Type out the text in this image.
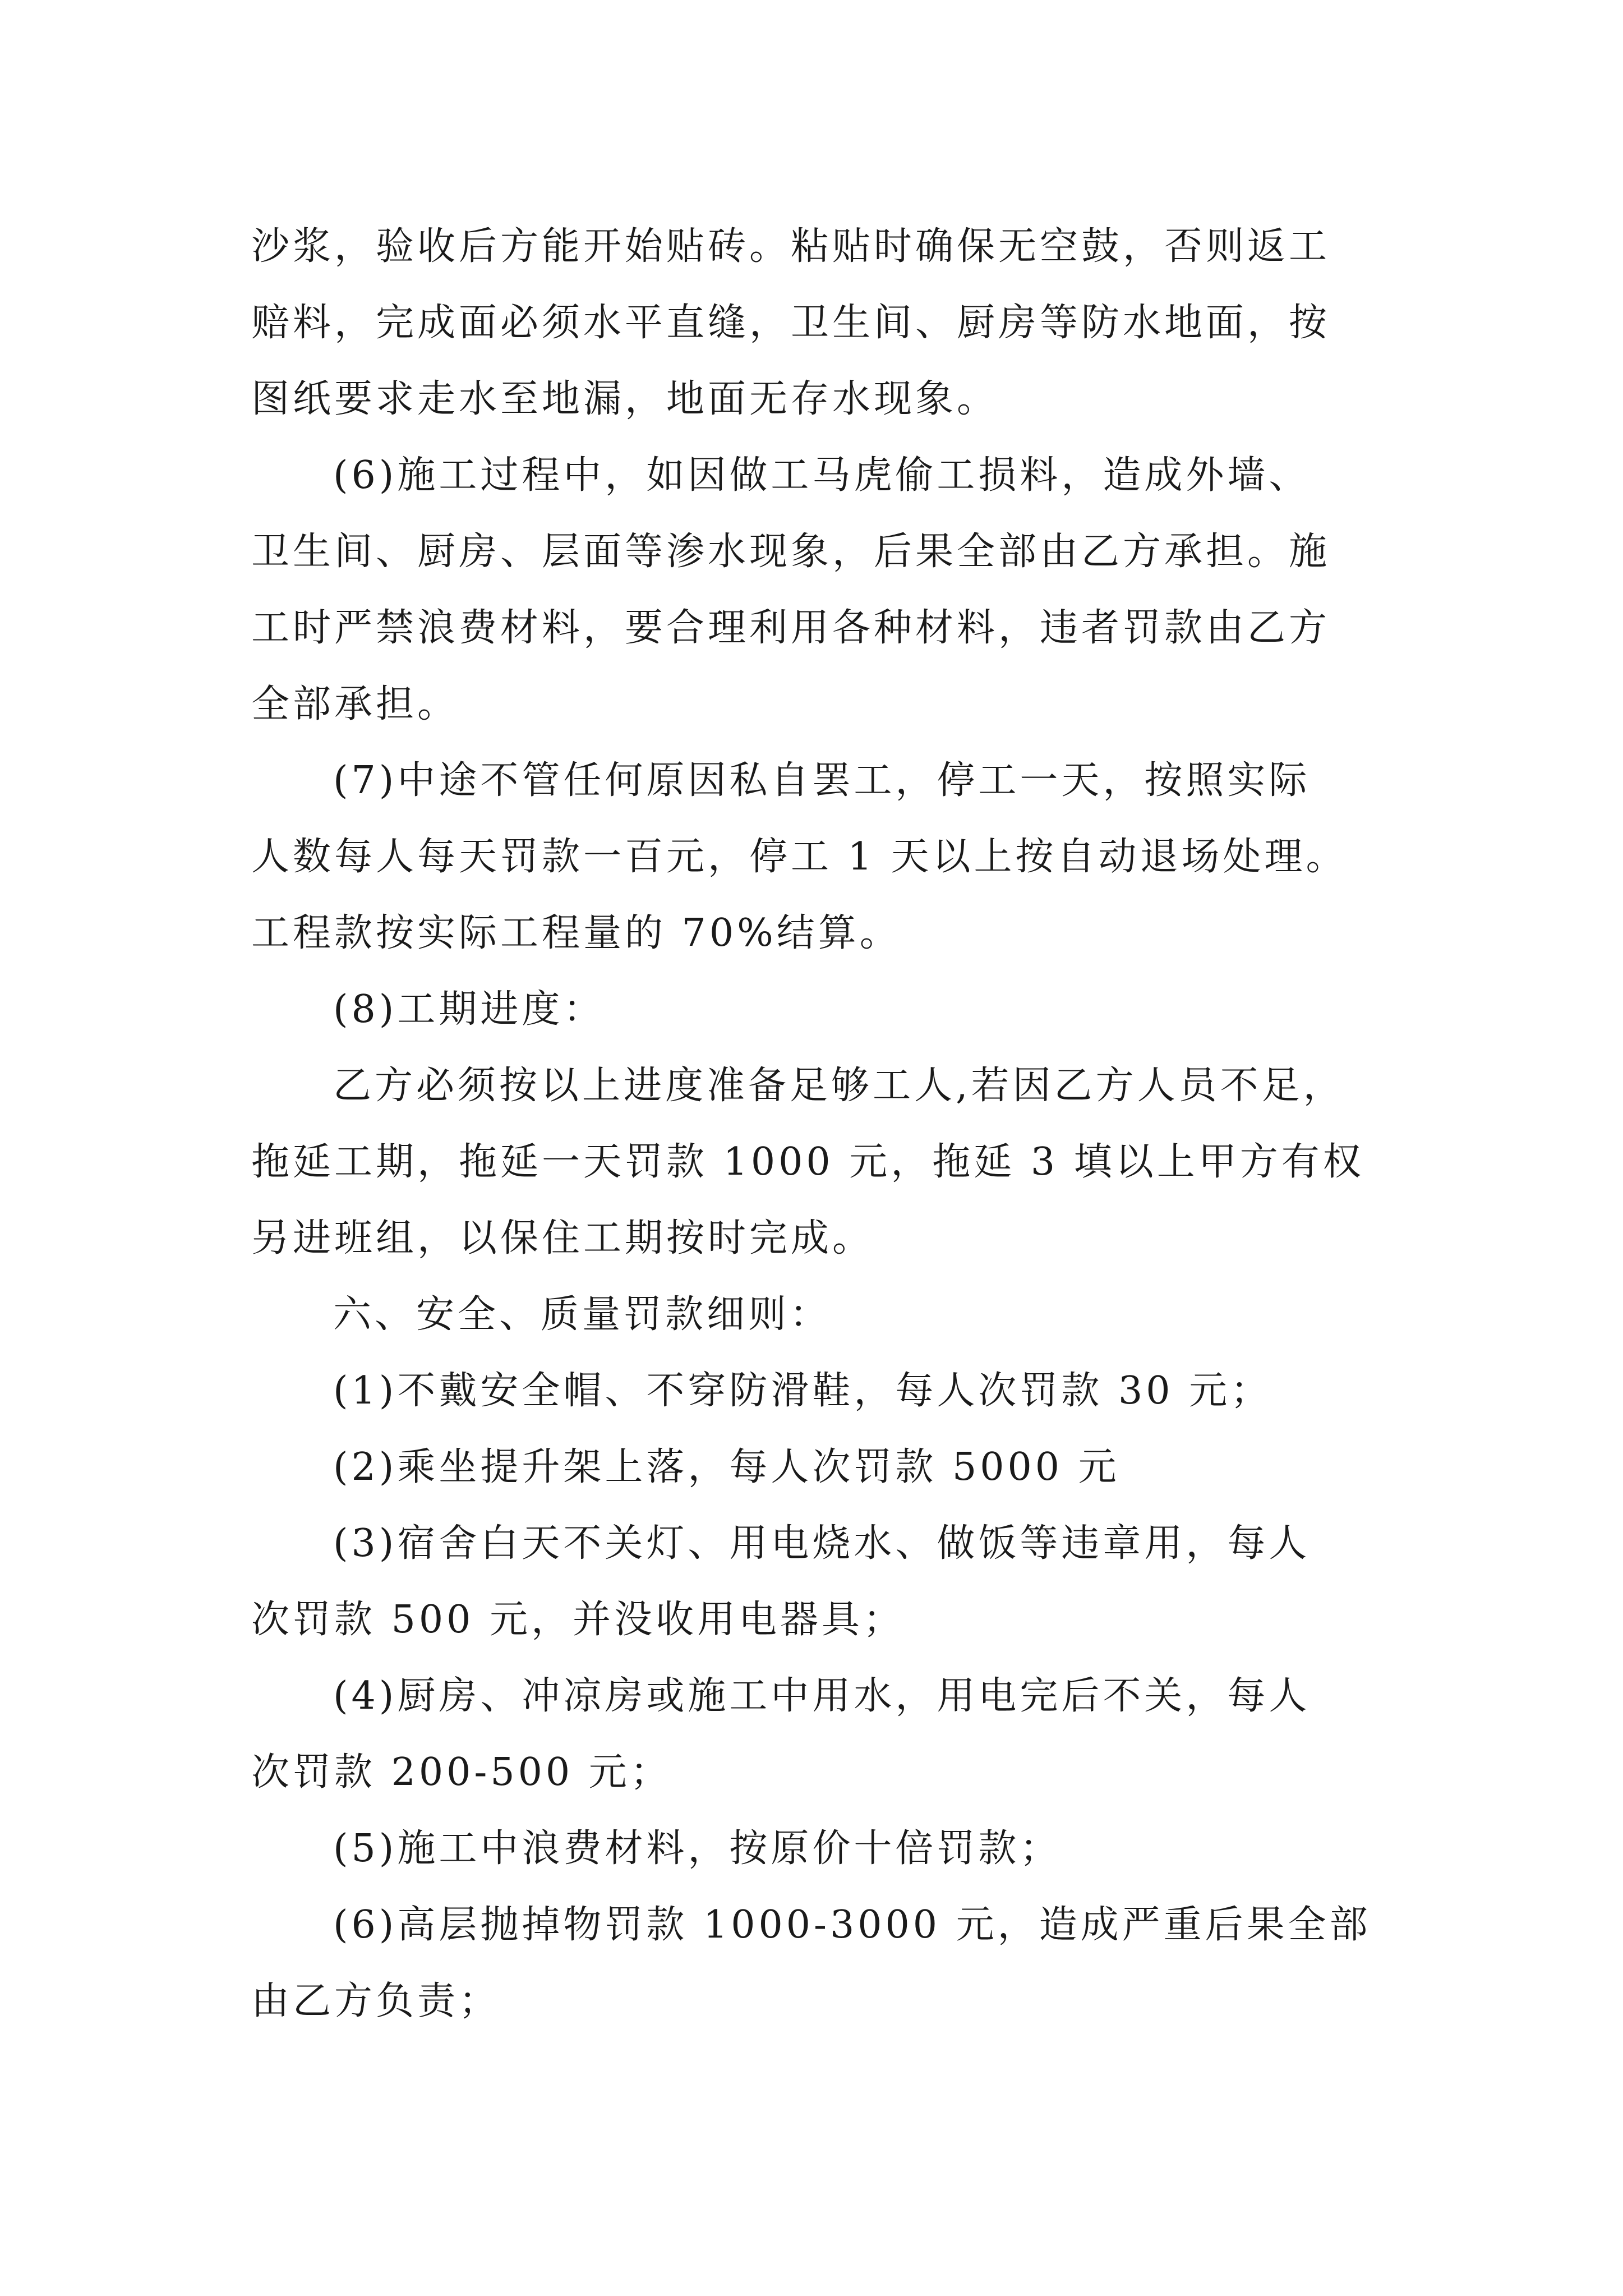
沙浆，验收后方能开始贴砖。粘贴时确保无空鼓，否则返工
赔料，完成面必须水平直缝，卫生间、厨房等防水地面，按
图纸要求走水至地漏，地面无存水现象。
(6)施工过程中，如因做工马虎偷工损料，造成外墙、
卫生间、厨房、层面等渗水现象，后果全部由乙方承担。施
工时严禁浪费材料，要合理利用各种材料，违者罚款由乙方
全部承担。
(7)中途不管任何原因私自罢工，停工一天，按照实际
人数每人每天罚款一百元，停工 1 天以上按自动退场处理。
工程款按实际工程量的 70%结算。
(8)工期进度：
乙方必须按以上进度准备足够工人,若因乙方人员不足，
拖延工期，拖延一天罚款 1000 元，拖延 3 填以上甲方有权
另进班组，以保住工期按时完成。
六、安全、质量罚款细则：
(1)不戴安全帽、不穿防滑鞋，每人次罚款 30 元；
(2)乘坐提升架上落，每人次罚款 5000 元
(3)宿舍白天不关灯、用电烧水、做饭等违章用，每人
次罚款 500 元，并没收用电器具；
(4)厨房、冲凉房或施工中用水，用电完后不关，每人
次罚款 200-500 元；
(5)施工中浪费材料，按原价十倍罚款；
(6)高层抛掉物罚款 1000-3000 元，造成严重后果全部
由乙方负责；
